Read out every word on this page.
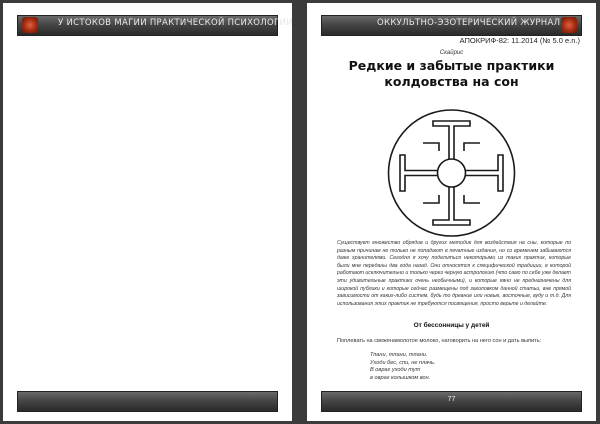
У ИСТОКОВ МАГИИ ПРАКТИЧЕСКОЙ ПСИХОЛОГИИ	ОККУЛЬТНО-ЭЗОТЕРИЧЕСКИЙ ЖУРНАЛ
АПОКРИФ-82: 11.2014 (№ 5.0 e.n.)
Скайрис
Редкие и забытые практики
колдовства на сон

Существует множество обрядов и других методик для воздействия на сны, которые по разным причинам не только не попадают в печатные издания, но со временем забываются даже хранителями. Сегодня я хочу поделиться некоторыми из таких практик, которые были мне переданы два года назад. Они относятся к специфической традиции, в которой работают исключительно и только через черную астрологию (что само по себе уже делает эти удивительные практики очень необычными), и которые явно не предназначены для широкой публики и которые сейчас размещены под заголовком данной статьи, вне прямой зависимости от каких-либо систем, будь то древние или новые, восточные, вуду и т.д. Для использования этих практик не требуются посвящения, просто верьте и делайте.

От бессонницы у детей

Поплевать на свеженамолотое молоко, наговорить на него сон и дать выпить:

Тпани, тпани, тпани.
Уходи бес, спи, не плачь.
В овраг уходи тут
в овраг колышком вон.
77
